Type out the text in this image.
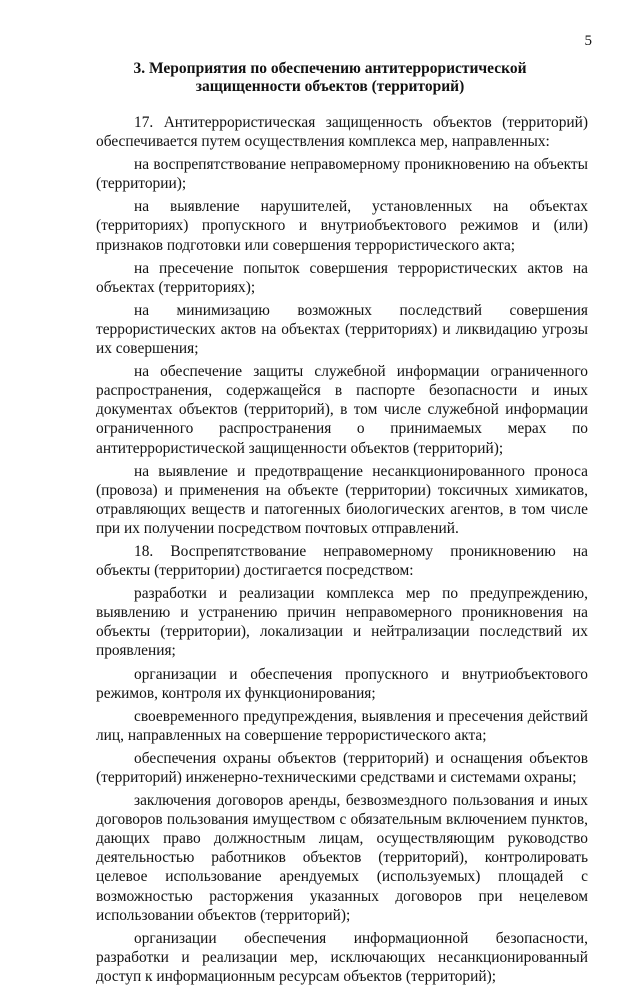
5
3. Мероприятия по обеспечению антитеррористической
защищенности объектов (территорий)

17. Антитеррористическая защищенность объектов (территорий) обеспечивается путем осуществления комплекса мер, направленных:

на воспрепятствование неправомерному проникновению на объекты (территории);

на выявление нарушителей, установленных на объектах (территориях) пропускного и внутриобъектового режимов и (или) признаков подготовки или совершения террористического акта;

на пресечение попыток совершения террористических актов на объектах (территориях);

на минимизацию возможных последствий совершения террористических актов на объектах (территориях) и ликвидацию угрозы их совершения;

на обеспечение защиты служебной информации ограниченного распространения, содержащейся в паспорте безопасности и иных документах объектов (территорий), в том числе служебной информации ограниченного распространения о принимаемых мерах по антитеррористической защищенности объектов (территорий);

на выявление и предотвращение несанкционированного проноса (провоза) и применения на объекте (территории) токсичных химикатов, отравляющих веществ и патогенных биологических агентов, в том числе при их получении посредством почтовых отправлений.

18. Воспрепятствование неправомерному проникновению на объекты (территории) достигается посредством:

разработки и реализации комплекса мер по предупреждению, выявлению и устранению причин неправомерного проникновения на объекты (территории), локализации и нейтрализации последствий их проявления;

организации и обеспечения пропускного и внутриобъектового режимов, контроля их функционирования;

своевременного предупреждения, выявления и пресечения действий лиц, направленных на совершение террористического акта;

обеспечения охраны объектов (территорий) и оснащения объектов (территорий) инженерно-техническими средствами и системами охраны;

заключения договоров аренды, безвозмездного пользования и иных договоров пользования имуществом с обязательным включением пунктов, дающих право должностным лицам, осуществляющим руководство деятельностью работников объектов (территорий), контролировать целевое использование арендуемых (используемых) площадей с возможностью расторжения указанных договоров при нецелевом использовании объектов (территорий);

организации обеспечения информационной безопасности, разработки и реализации мер, исключающих несанкционированный доступ к информационным ресурсам объектов (территорий);
